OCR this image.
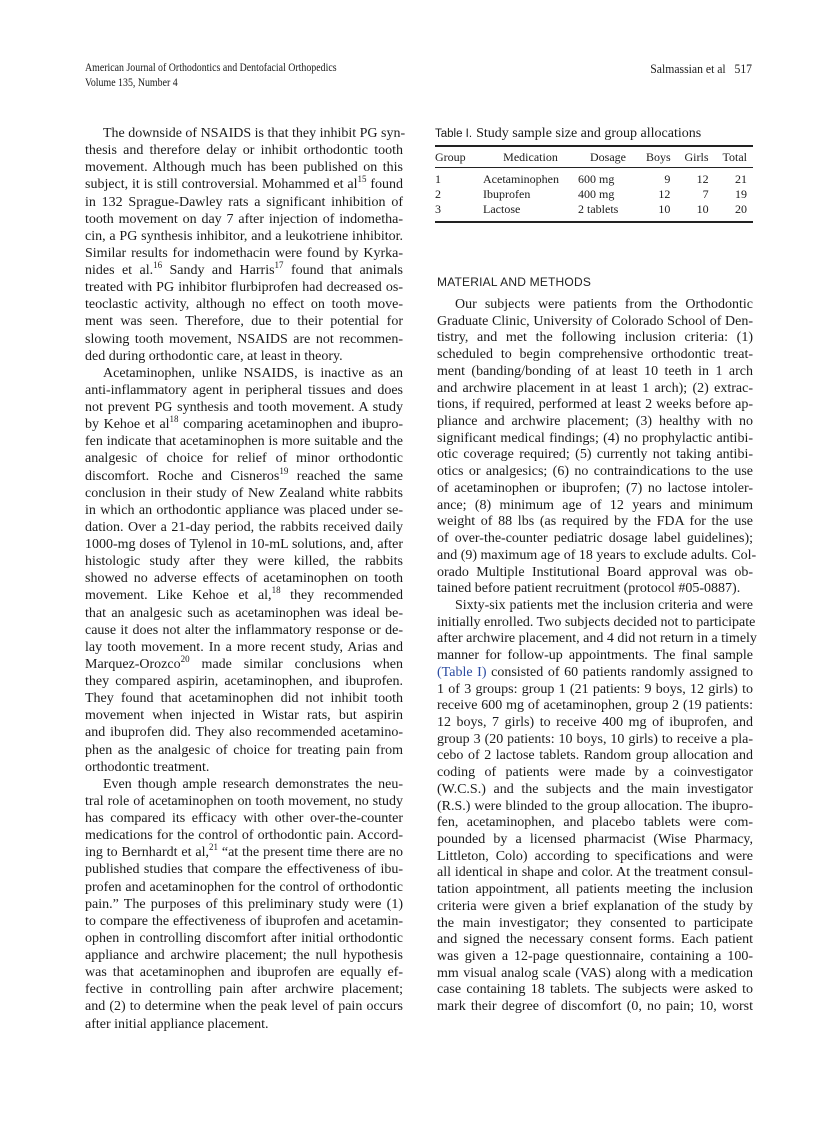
American Journal of Orthodontics and Dentofacial Orthopedics
Volume 135, Number 4
Salmassian et al 517
The downside of NSAIDS is that they inhibit PG syn-
thesis and therefore delay or inhibit orthodontic tooth
movement. Although much has been published on this
subject, it is still controversial. Mohammed et $al^{15}$ found
in 132 Sprague-Dawley rats a significant inhibition of
tooth movement on day 7 after injection of indometha-
cin, a PG synthesis inhibitor, and a leukotriene inhibitor.
Similar results for indomethacin were found by Kyrka-
nides et al.$^{16}$ Sandy and Harris$^{17}$ found that animals
treated with PG inhibitor flurbiprofen had decreased os-
teoclastic activity, although no effect on tooth move-
ment was seen. Therefore, due to their potential for
slowing tooth movement, NSAIDS are not recommen-
ded during orthodontic care, at least in theory.
Acetaminophen, unlike NSAIDS, is inactive as an
anti-inflammatory agent in peripheral tissues and does
not prevent PG synthesis and tooth movement. A study
by Kehoe et $al^{18}$ comparing acetaminophen and ibupro-
fen indicate that acetaminophen is more suitable and the
analgesic of choice for relief of minor orthodontic
discomfort. Roche and Cisneros$^{19}$ reached the same
conclusion in their study of New Zealand white rabbits
in which an orthodontic appliance was placed under se-
dation. Over a 21-day period, the rabbits received daily
1000-mg doses of Tylenol in 10-mL solutions, and, after
histologic study after they were killed, the rabbits
showed no adverse effects of acetaminophen on tooth
movement. Like Kehoe et al,$^{18}$ they recommended
that an analgesic such as acetaminophen was ideal be-
cause it does not alter the inflammatory response or de-
lay tooth movement. In a more recent study, Arias and
Marquez-Orozco$^{20}$ made similar conclusions when
they compared aspirin, acetaminophen, and ibuprofen.
They found that acetaminophen did not inhibit tooth
movement when injected in Wistar rats, but aspirin
and ibuprofen did. They also recommended acetamino-
phen as the analgesic of choice for treating pain from
orthodontic treatment.
Even though ample research demonstrates the neu-
tral role of acetaminophen on tooth movement, no study
has compared its efficacy with other over-the-counter
medications for the control of orthodontic pain. Accord-
ing to Bernhardt et al,$^{21}$ “at the present time there are no
published studies that compare the effectiveness of ibu-
profen and acetaminophen for the control of orthodontic
pain.” The purposes of this preliminary study were (1)
to compare the effectiveness of ibuprofen and acetamin-
ophen in controlling discomfort after initial orthodontic
appliance and archwire placement; the null hypothesis
was that acetaminophen and ibuprofen are equally ef-
fective in controlling pain after archwire placement;
and (2) to determine when the peak level of pain occurs
after initial appliance placement.
Table I. Study sample size and group allocations
Group	Medication	Dosage	Boys	Girls	Total
1	Acetaminophen	600 mg	9	12	21
2	Ibuprofen	400 mg	12	7	19
3	Lactose	2 tablets	10	10	20
MATERIAL AND METHODS
Our subjects were patients from the Orthodontic
Graduate Clinic, University of Colorado School of Den-
tistry, and met the following inclusion criteria: (1)
scheduled to begin comprehensive orthodontic treat-
ment (banding/bonding of at least 10 teeth in 1 arch
and archwire placement in at least 1 arch); (2) extrac-
tions, if required, performed at least 2 weeks before ap-
pliance and archwire placement; (3) healthy with no
significant medical findings; (4) no prophylactic antibi-
otic coverage required; (5) currently not taking antibi-
otics or analgesics; (6) no contraindications to the use
of acetaminophen or ibuprofen; (7) no lactose intoler-
ance; (8) minimum age of 12 years and minimum
weight of 88 lbs (as required by the FDA for the use
of over-the-counter pediatric dosage label guidelines);
and (9) maximum age of 18 years to exclude adults. Col-
orado Multiple Institutional Board approval was ob-
tained before patient recruitment (protocol #05-0887).
Sixty-six patients met the inclusion criteria and were
initially enrolled. Two subjects decided not to participate
after archwire placement, and 4 did not return in a timely
manner for follow-up appointments. The final sample
(Table I) consisted of 60 patients randomly assigned to
1 of 3 groups: group 1 (21 patients: 9 boys, 12 girls) to
receive 600 mg of acetaminophen, group 2 (19 patients:
12 boys, 7 girls) to receive 400 mg of ibuprofen, and
group 3 (20 patients: 10 boys, 10 girls) to receive a pla-
cebo of 2 lactose tablets. Random group allocation and
coding of patients were made by a coinvestigator
(W.C.S.) and the subjects and the main investigator
(R.S.) were blinded to the group allocation. The ibupro-
fen, acetaminophen, and placebo tablets were com-
pounded by a licensed pharmacist (Wise Pharmacy,
Littleton, Colo) according to specifications and were
all identical in shape and color. At the treatment consul-
tation appointment, all patients meeting the inclusion
criteria were given a brief explanation of the study by
the main investigator; they consented to participate
and signed the necessary consent forms. Each patient
was given a 12-page questionnaire, containing a 100-
mm visual analog scale (VAS) along with a medication
case containing 18 tablets. The subjects were asked to
mark their degree of discomfort (0, no pain; 10, worst
